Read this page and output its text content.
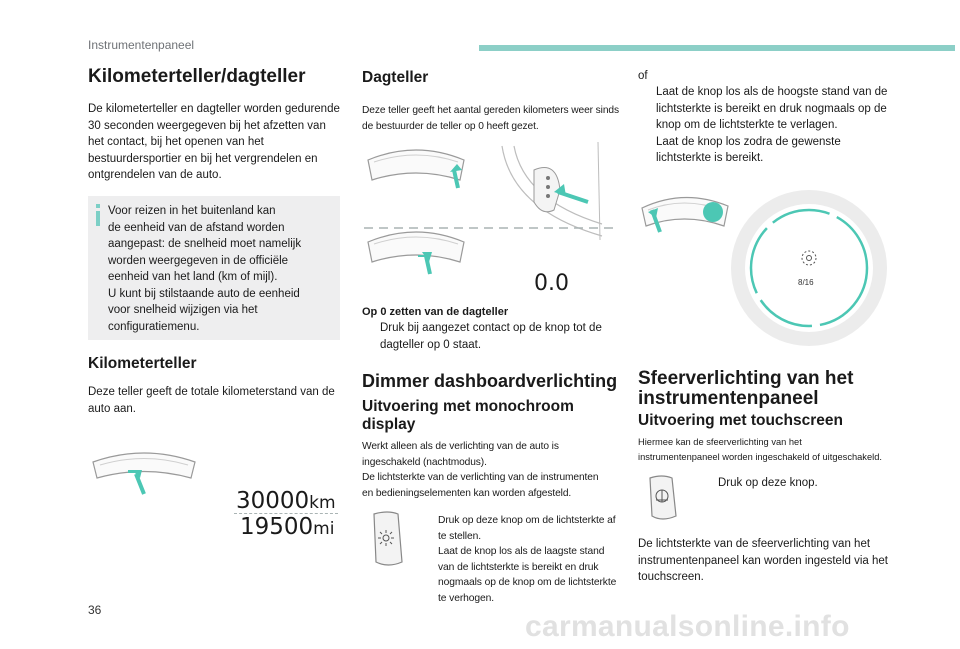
Instrumentenpaneel
Kilometerteller/dagteller
De kilometerteller en dagteller worden gedurende 30 seconden weergegeven bij het afzetten van het contact, bij het openen van het bestuurdersportier en bij het vergrendelen en ontgrendelen van de auto.
Voor reizen in het buitenland kan
de eenheid van de afstand worden
aangepast: de snelheid moet namelijk
worden weergegeven in de officiële
eenheid van het land (km of mijl).
U kunt bij stilstaande auto de eenheid
voor snelheid wijzigen via het
configuratiemenu.
Kilometerteller
Deze teller geeft de totale kilometerstand van de auto aan.
30000km
19500mi
Dagteller
Deze teller geeft het aantal gereden kilometers weer sinds de bestuurder de teller op 0 heeft gezet.
0.0
Op 0 zetten van de dagteller
Druk bij aangezet contact op de knop tot de dagteller op 0 staat.
Dimmer dashboardverlichting
Uitvoering met monochroom display
Werkt alleen als de verlichting van de auto is
ingeschakeld (nachtmodus).
De lichtsterkte van de verlichting van de instrumenten
en bedieningselementen kan worden afgesteld.
Druk op deze knop om de lichtsterkte af te stellen.
Laat de knop los als de laagste stand van de lichtsterkte is bereikt en druk nogmaals op de knop om de lichtsterkte te verhogen.
of
Laat de knop los als de hoogste stand van de lichtsterkte is bereikt en druk nogmaals op de knop om de lichtsterkte te verlagen.
Laat de knop los zodra de gewenste lichtsterkte is bereikt.
8/16
Sfeerverlichting van het instrumentenpaneel
Uitvoering met touchscreen
Hiermee kan de sfeerverlichting van het
instrumentenpaneel worden ingeschakeld of uitgeschakeld.
Druk op deze knop.
De lichtsterkte van de sfeerverlichting van het instrumentenpaneel kan worden ingesteld via het touchscreen.
36	carmanualsonline.info
